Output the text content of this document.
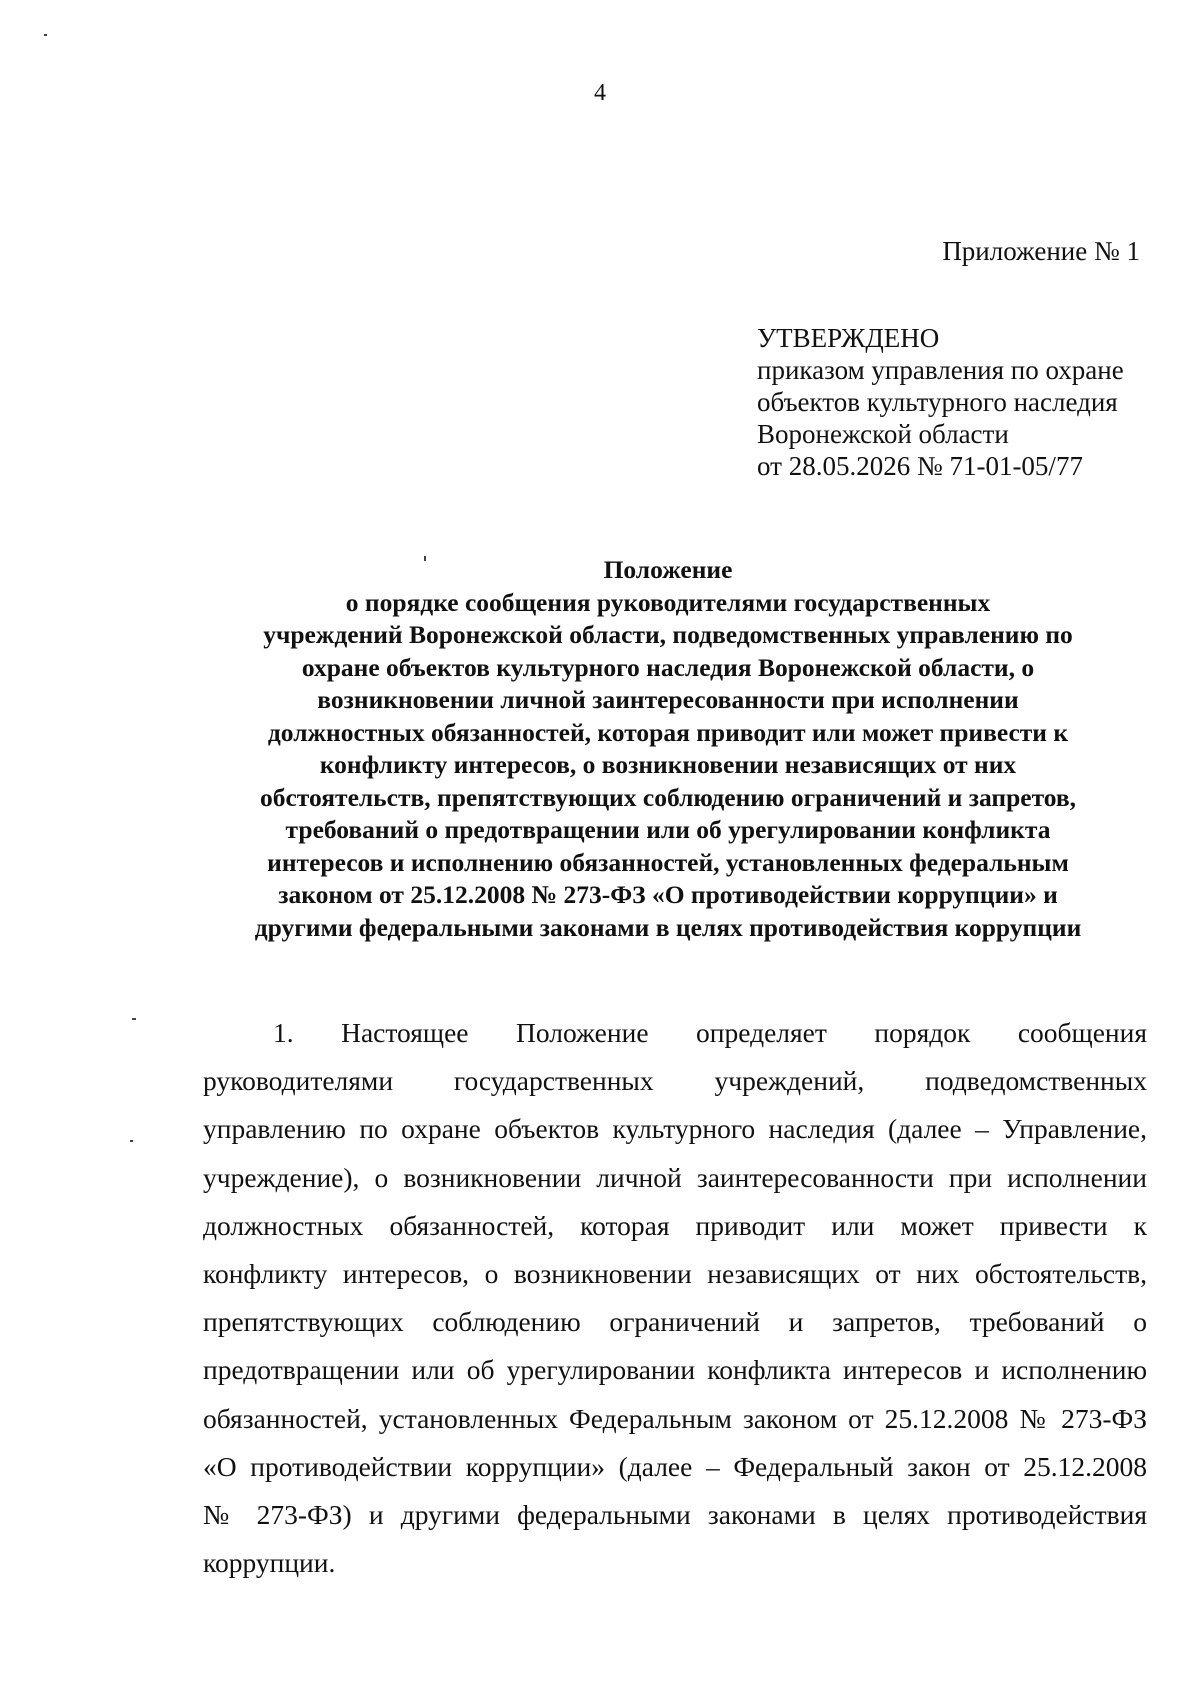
4
Приложение № 1
УТВЕРЖДЕНО
приказом управления по охране
объектов культурного наследия
Воронежской области
от 28.05.2026 № 71-01-05/77
Положение
о порядке сообщения руководителями государственных
учреждений Воронежской области, подведомственных управлению по
охране объектов культурного наследия Воронежской области, о
возникновении личной заинтересованности при исполнении
должностных обязанностей, которая приводит или может привести к
конфликту интересов, о возникновении независящих от них
обстоятельств, препятствующих соблюдению ограничений и запретов,
требований о предотвращении или об урегулировании конфликта
интересов и исполнению обязанностей, установленных федеральным
законом от 25.12.2008 № 273-ФЗ «О противодействии коррупции» и
другими федеральными законами в целях противодействия коррупции
1. Настоящее Положение определяет порядок сообщения
руководителями государственных учреждений, подведомственных
управлению по охране объектов культурного наследия (далее – Управление,
учреждение), о возникновении личной заинтересованности при исполнении
должностных обязанностей, которая приводит или может привести к
конфликту интересов, о возникновении независящих от них обстоятельств,
препятствующих соблюдению ограничений и запретов, требований о
предотвращении или об урегулировании конфликта интересов и исполнению
обязанностей, установленных Федеральным законом от 25.12.2008 № 273-ФЗ
«О противодействии коррупции» (далее – Федеральный закон от 25.12.2008
№ 273-ФЗ) и другими федеральными законами в целях противодействия
коррупции.
